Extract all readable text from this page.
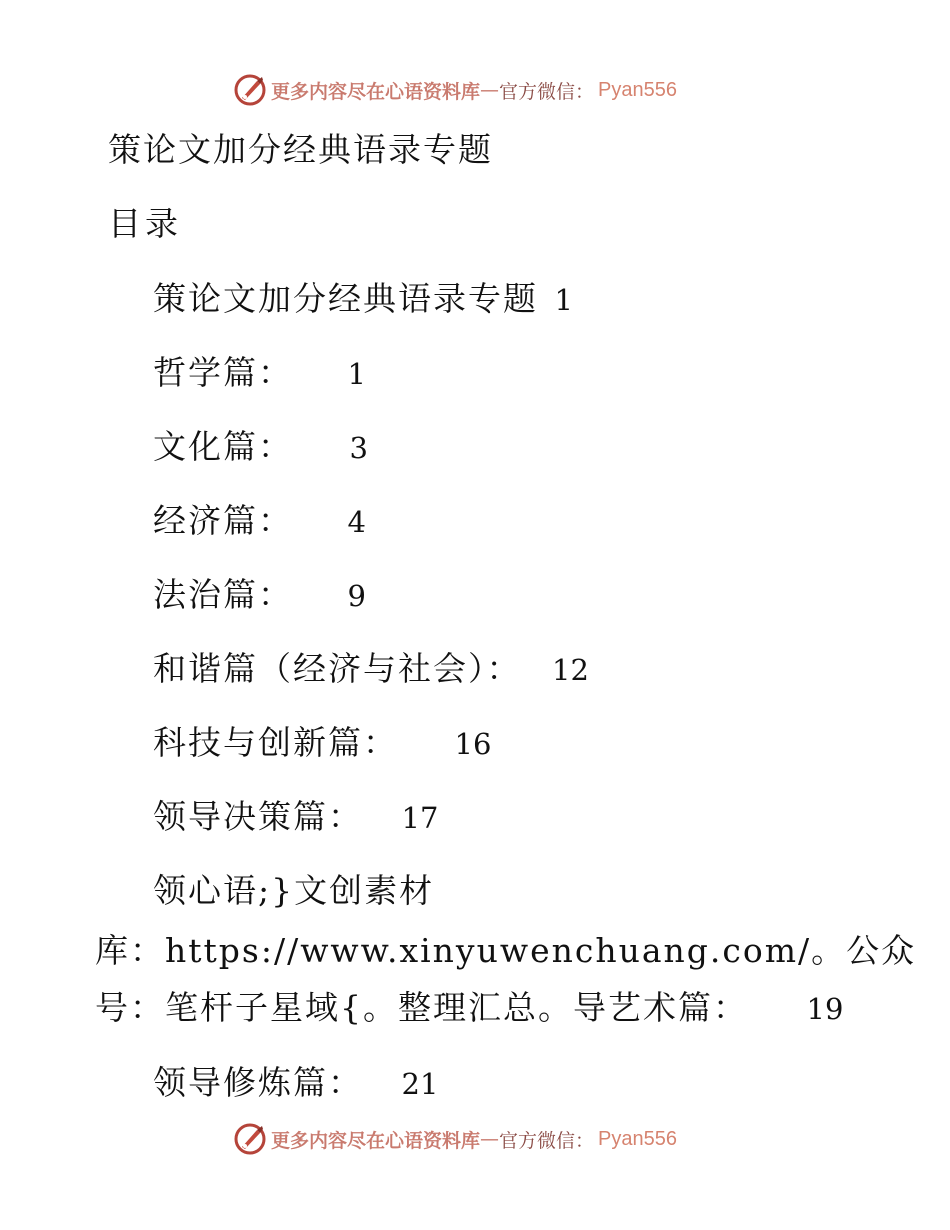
更多内容尽在心语资料库 — 官方微信 ： Pyan556
策论文加分经典语录专题
目录
策论文加分经典语录专题 1
哲学篇： 1
文化篇： 3
经济篇： 4
法治篇： 9
和谐篇（经济与社会）： 12
科技与创新篇： 16
领导决策篇： 17
领心语;}文创素材
库：https://www.xinyuwenchuang.com/。公众
号：笔杆子星域{。整理汇总。导艺术篇： 19
领导修炼篇： 21
更多内容尽在心语资料库 — 官方微信 ： Pyan556
